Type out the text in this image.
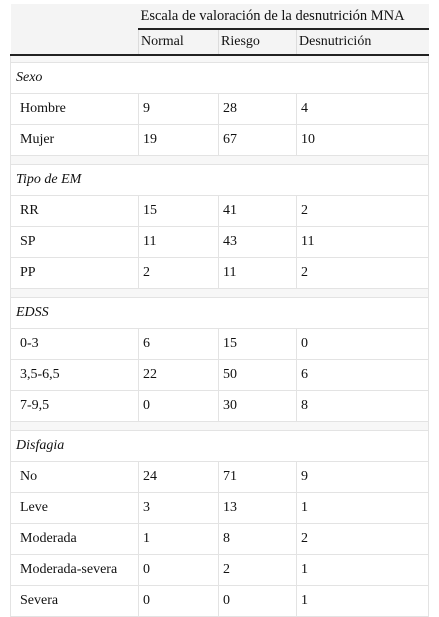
	Escala de valoración de la desnutrición MNA		
	Normal	Riesgo	Desnutrición

Sexo			
Hombre	9	28	4
Mujer	19	67	10

Tipo de EM			
RR	15	41	2
SP	11	43	11
PP	2	11	2

EDSS			
0-3	6	15	0
3,5-6,5	22	50	6
7-9,5	0	30	8

Disfagia			
No	24	71	9
Leve	3	13	1
Moderada	1	8	2
Moderada-severa	0	2	1
Severa	0	0	1
